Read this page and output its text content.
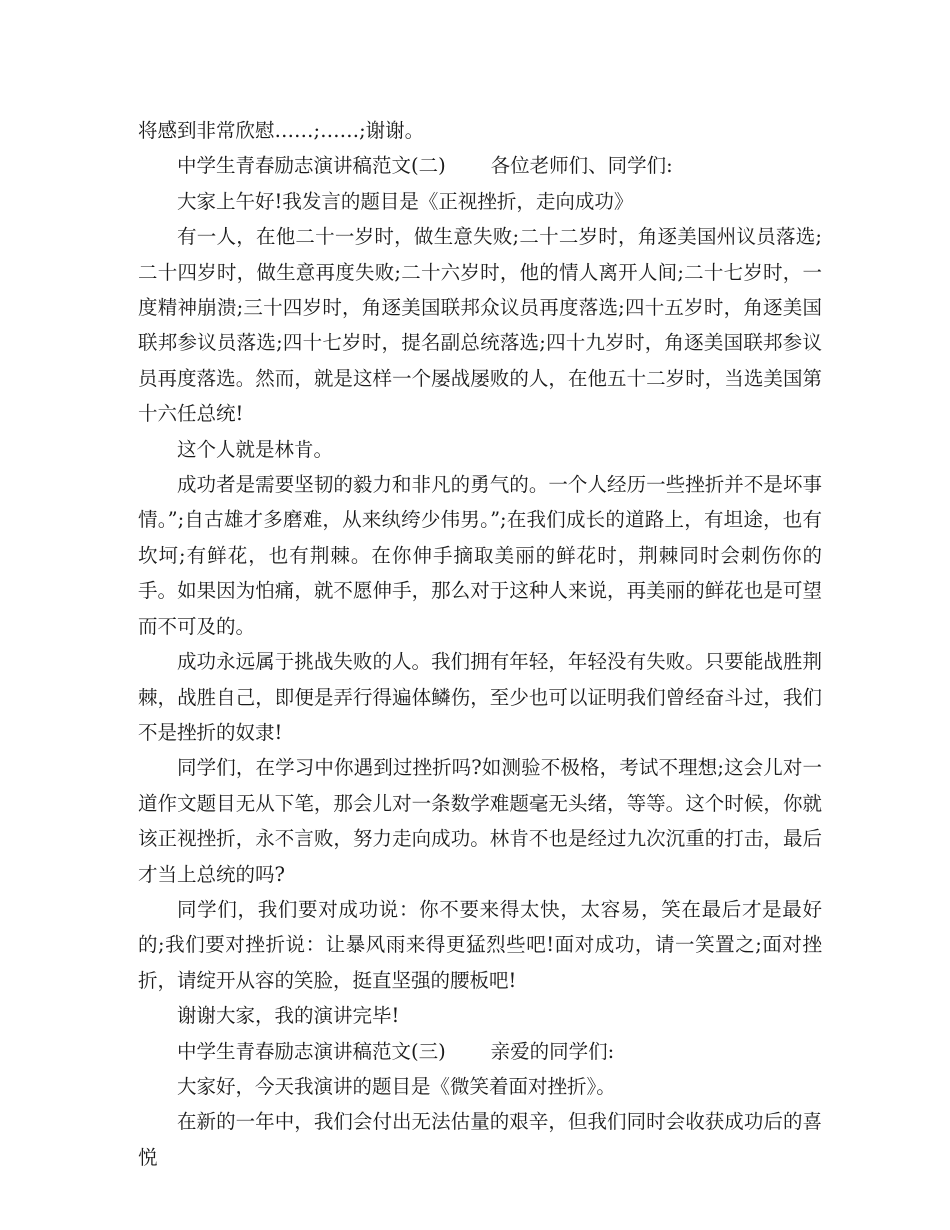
将感到非常欣慰……;……;谢谢。

中学生青春励志演讲稿范文(二) 各位老师们、同学们:

大家上午好!我发言的题目是《正视挫折，走向成功》

有一人，在他二十一岁时，做生意失败;二十二岁时，角逐美国州议员落选;二十四岁时，做生意再度失败;二十六岁时，他的情人离开人间;二十七岁时，一度精神崩溃;三十四岁时，角逐美国联邦众议员再度落选;四十五岁时，角逐美国联邦参议员落选;四十七岁时，提名副总统落选;四十九岁时，角逐美国联邦参议员再度落选。然而，就是这样一个屡战屡败的人，在他五十二岁时，当选美国第十六任总统!

这个人就是林肯。

成功者是需要坚韧的毅力和非凡的勇气的。一个人经历一些挫折并不是坏事情。”;自古雄才多磨难，从来纨绔少伟男。”;在我们成长的道路上，有坦途，也有坎坷;有鲜花，也有荆棘。在你伸手摘取美丽的鲜花时，荆棘同时会刺伤你的手。如果因为怕痛，就不愿伸手，那么对于这种人来说，再美丽的鲜花也是可望而不可及的。

成功永远属于挑战失败的人。我们拥有年轻，年轻没有失败。只要能战胜荆棘，战胜自己，即便是弄行得遍体鳞伤，至少也可以证明我们曾经奋斗过，我们不是挫折的奴隶!

同学们，在学习中你遇到过挫折吗?如测验不极格，考试不理想;这会儿对一道作文题目无从下笔，那会儿对一条数学难题毫无头绪，等等。这个时候，你就该正视挫折，永不言败，努力走向成功。林肯不也是经过九次沉重的打击，最后才当上总统的吗?

同学们，我们要对成功说：你不要来得太快，太容易，笑在最后才是最好的;我们要对挫折说：让暴风雨来得更猛烈些吧!面对成功，请一笑置之;面对挫折，请绽开从容的笑脸，挺直坚强的腰板吧!

谢谢大家，我的演讲完毕!

中学生青春励志演讲稿范文(三) 亲爱的同学们:

大家好，今天我演讲的题目是《微笑着面对挫折》。

在新的一年中，我们会付出无法估量的艰辛，但我们同时会收获成功后的喜悦
